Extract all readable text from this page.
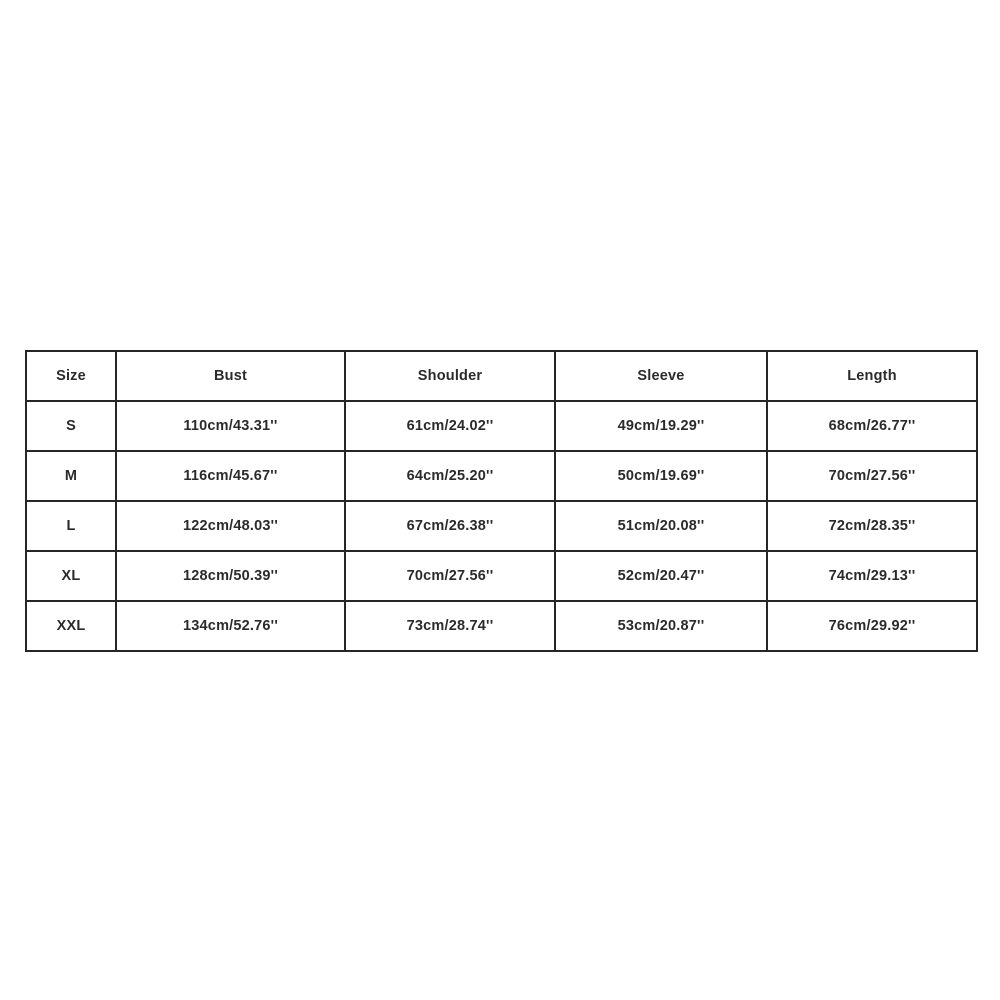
Size	Bust	Shoulder	Sleeve	Length
S	110cm/43.31''	61cm/24.02''	49cm/19.29''	68cm/26.77''
M	116cm/45.67''	64cm/25.20''	50cm/19.69''	70cm/27.56''
L	122cm/48.03''	67cm/26.38''	51cm/20.08''	72cm/28.35''
XL	128cm/50.39''	70cm/27.56''	52cm/20.47''	74cm/29.13''
XXL	134cm/52.76''	73cm/28.74''	53cm/20.87''	76cm/29.92''
